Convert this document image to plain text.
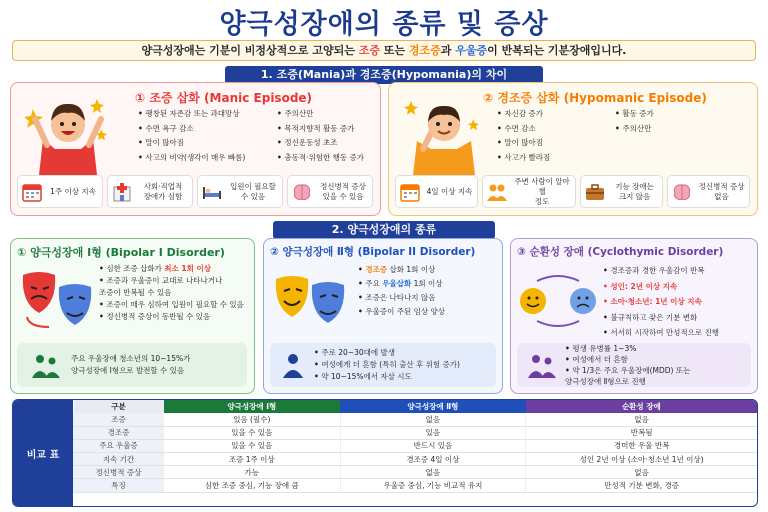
양극성장애의 종류 및 증상
양극성장애는 기분이 비정상적으로 고양되는 조증 또는 경조증과 우울증이 반복되는 기분장애입니다.
1. 조증(Mania)과 경조증(Hypomania)의 차이
① 조증 삽화 (Manic Episode)
• 팽창된 자존감 또는 과대망상
• 수면 욕구 감소
• 말이 많아짐
• 사고의 비약(생각이 매우 빠름)
• 주의산만
• 목적지향적 활동 증가
• 정신운동성 초조
• 충동적·위험한 행동 증가
1주 이상 지속
사회·직업적
장애가 심함
입원이 필요할
수 있음
정신병적 증상
있을 수 있음
② 경조증 삽화 (Hypomanic Episode)
• 자신감 증가
• 수면 감소
• 말이 많아짐
• 사고가 빨라짐
• 활동 증가
• 주의산만
4일 이상 지속
주변 사람이 알아챌
정도
기능 장애는
크지 않음
정신병적 증상
없음
2. 양극성장애의 종류
① 양극성장애 Ⅰ형 (Bipolar I Disorder)
• 심한 조증 삽화가 최소 1회 이상
• 조증과 우울증이 교대로 나타나거나
조증이 반복될 수 있음
• 조증이 매우 심하여 입원이 필요할 수 있음
• 정신병적 증상이 동반될 수 있음
주요 우울장애 청소년의 10~15%가
양극성장애 Ⅰ형으로 발전할 수 있음
② 양극성장애 Ⅱ형 (Bipolar II Disorder)
• 경조증 삽화 1회 이상
• 주요 우울삽화 1회 이상
• 조증은 나타나지 않음
• 우울증이 주된 임상 양상
• 주로 20~30대에 발생
• 여성에게 더 흔함 (특히 출산 후 위험 증가)
• 약 10~15%에서 자살 시도
③ 순환성 장애 (Cyclothymic Disorder)
• 경조증과 경한 우울감이 반복
• 성인: 2년 이상 지속
• 소아·청소년: 1년 이상 지속
• 불규칙하고 잦은 기분 변화
• 서서히 시작하여 만성적으로 진행
• 평생 유병률 1~3%
• 여성에서 더 흔함
• 약 1/3은 주요 우울장애(MDD) 또는
양극성장애 Ⅱ형으로 진행
비교 표
구분	양극성장애 Ⅰ형	양극성장애 Ⅱ형	순환성 장애
조증	있음 (필수)	없음	없음
경조증	있을 수 있음	있음	반복됨
주요 우울증	있을 수 있음	반드시 있음	경미한 우울 반복
지속 기간	조증 1주 이상	경조증 4일 이상	성인 2년 이상 (소아·청소년 1년 이상)
정신병적 증상	가능	없음	없음
특징	심한 조증 중심, 기능 장애 큼	우울증 중심, 기능 비교적 유지	만성적 기분 변화, 경증
